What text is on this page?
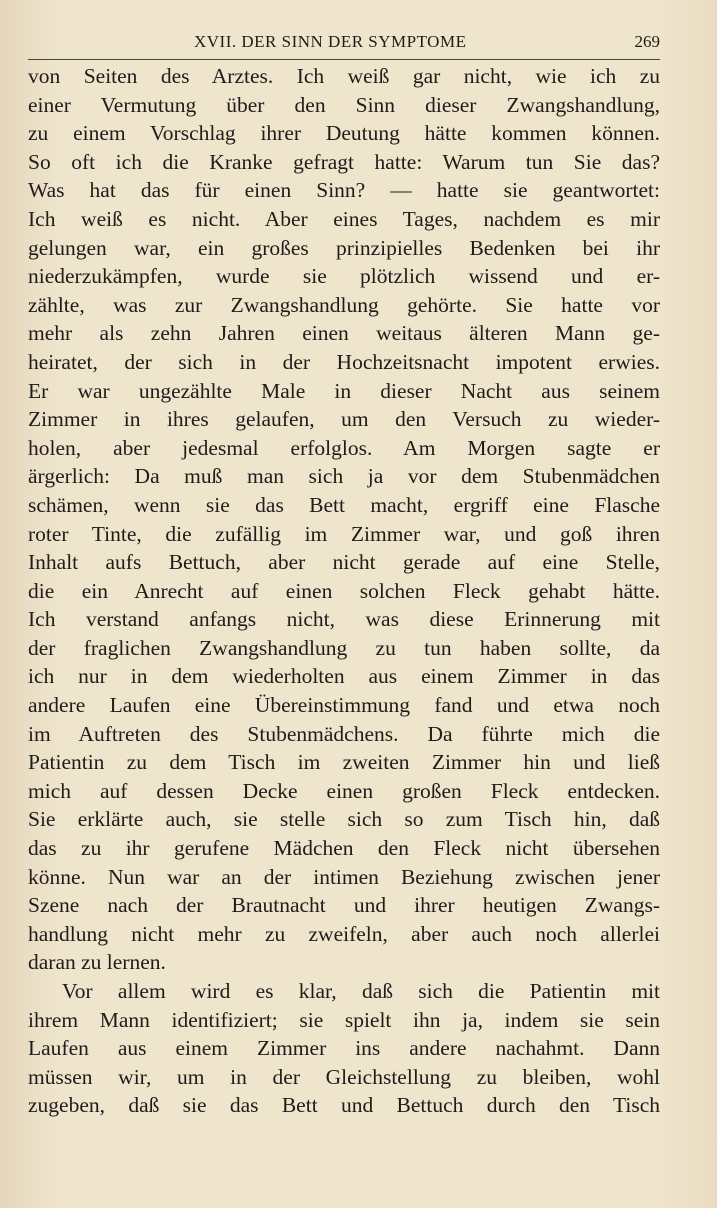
XVII. DER SINN DER SYMPTOME	269
von Seiten des Arztes. Ich weiß gar nicht, wie ich zu
einer Vermutung über den Sinn dieser Zwangshandlung,
zu einem Vorschlag ihrer Deutung hätte kommen können.
So oft ich die Kranke gefragt hatte: Warum tun Sie das?
Was hat das für einen Sinn? — hatte sie geantwortet:
Ich weiß es nicht. Aber eines Tages, nachdem es mir
gelungen war, ein großes prinzipielles Bedenken bei ihr
niederzukämpfen, wurde sie plötzlich wissend und er-
zählte, was zur Zwangshandlung gehörte. Sie hatte vor
mehr als zehn Jahren einen weitaus älteren Mann ge-
heiratet, der sich in der Hochzeitsnacht impotent erwies.
Er war ungezählte Male in dieser Nacht aus seinem
Zimmer in ihres gelaufen, um den Versuch zu wieder-
holen, aber jedesmal erfolglos. Am Morgen sagte er
ärgerlich: Da muß man sich ja vor dem Stubenmädchen
schämen, wenn sie das Bett macht, ergriff eine Flasche
roter Tinte, die zufällig im Zimmer war, und goß ihren
Inhalt aufs Bettuch, aber nicht gerade auf eine Stelle,
die ein Anrecht auf einen solchen Fleck gehabt hätte.
Ich verstand anfangs nicht, was diese Erinnerung mit
der fraglichen Zwangshandlung zu tun haben sollte, da
ich nur in dem wiederholten aus einem Zimmer in das
andere Laufen eine Übereinstimmung fand und etwa noch
im Auftreten des Stubenmädchens. Da führte mich die
Patientin zu dem Tisch im zweiten Zimmer hin und ließ
mich auf dessen Decke einen großen Fleck entdecken.
Sie erklärte auch, sie stelle sich so zum Tisch hin, daß
das zu ihr gerufene Mädchen den Fleck nicht übersehen
könne. Nun war an der intimen Beziehung zwischen jener
Szene nach der Brautnacht und ihrer heutigen Zwangs-
handlung nicht mehr zu zweifeln, aber auch noch allerlei
daran zu lernen.
Vor allem wird es klar, daß sich die Patientin mit
ihrem Mann identifiziert; sie spielt ihn ja, indem sie sein
Laufen aus einem Zimmer ins andere nachahmt. Dann
müssen wir, um in der Gleichstellung zu bleiben, wohl
zugeben, daß sie das Bett und Bettuch durch den Tisch
